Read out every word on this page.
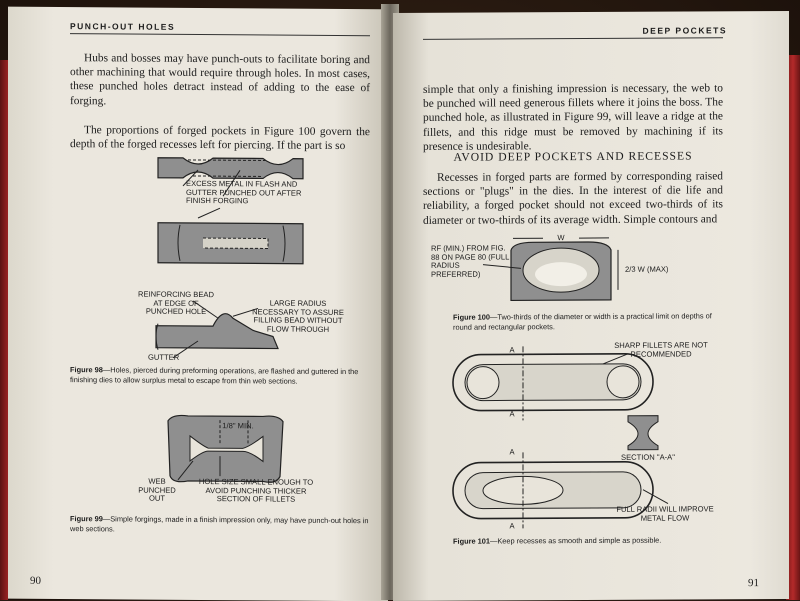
PUNCH-OUT HOLES

Hubs and bosses may have punch-outs to facilitate boring and other machining that would require through holes. In most cases, these punched holes detract instead of adding to the ease of forging.

The proportions of forged pockets in Figure 100 govern the depth of the forged recesses left for piercing. If the part is so

EXCESS METAL IN FLASH AND GUTTER PUNCHED OUT AFTER FINISH FORGING
REINFORCING BEAD AT EDGE OF PUNCHED HOLE
LARGE RADIUS NECESSARY TO ASSURE FILLING BEAD WITHOUT FLOW THROUGH
GUTTER
Figure 98—Holes, pierced during preforming operations, are flashed and guttered in the finishing dies to allow surplus metal to escape from thin web sections.
1/8" MIN.
WEB PUNCHED OUT
HOLE SIZE SMALL ENOUGH TO AVOID PUNCHING THICKER SECTION OF FILLETS
Figure 99—Simple forgings, made in a finish impression only, may have punch-out holes in web sections.
90
DEEP POCKETS

simple that only a finishing impression is necessary, the web to be punched will need generous fillets where it joins the boss. The punched hole, as illustrated in Figure 99, will leave a ridge at the fillets, and this ridge must be removed by machining if its presence is undesirable.

AVOID DEEP POCKETS AND RECESSES

Recesses in forged parts are formed by corresponding raised sections or "plugs" in the dies. In the interest of die life and reliability, a forged pocket should not exceed two-thirds of its diameter or two-thirds of its average width. Simple contours and

RF (MIN.) FROM FIG. 88 ON PAGE 80 (FULL RADIUS PREFERRED)
W
2/3 W (MAX)
Figure 100—Two-thirds of the diameter or width is a practical limit on depths of round and rectangular pockets.
A
A
SHARP FILLETS ARE NOT RECOMMENDED
SECTION "A-A"
A
A
FULL RADII WILL IMPROVE METAL FLOW
Figure 101—Keep recesses as smooth and simple as possible.
91
